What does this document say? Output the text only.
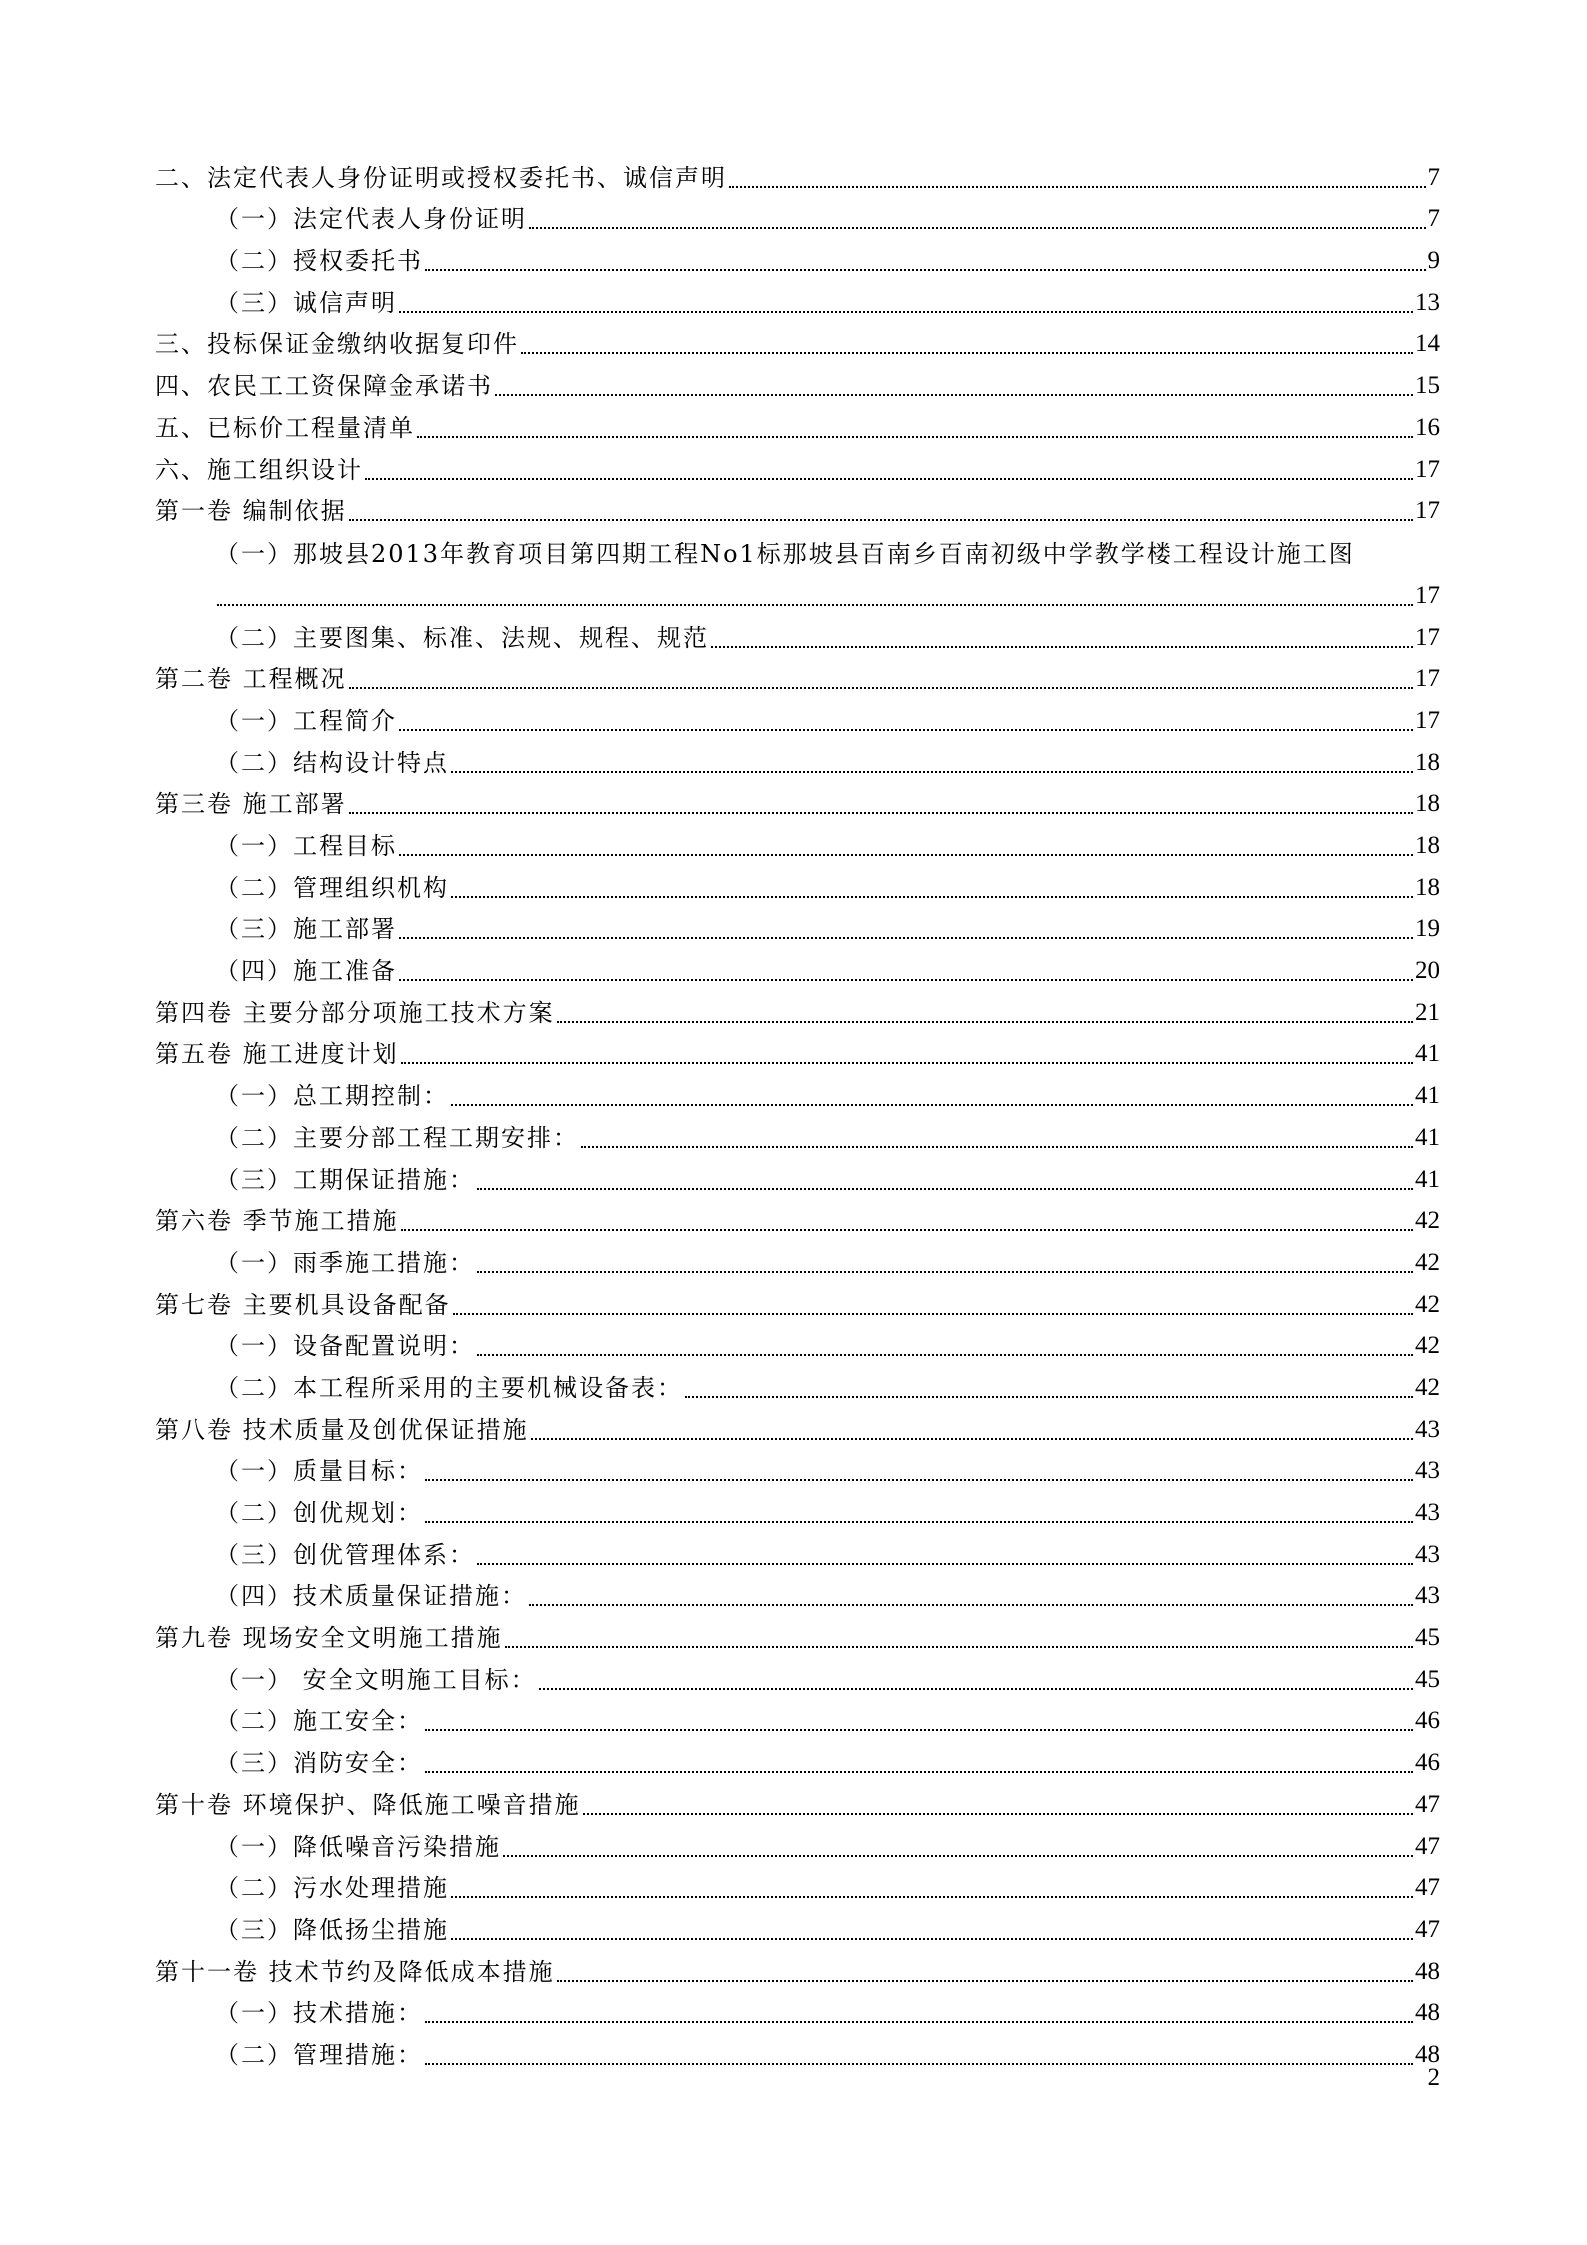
二、法定代表人身份证明或授权委托书、诚信声明	7
（一）法定代表人身份证明	7
（二）授权委托书	9
（三）诚信声明	13
三、投标保证金缴纳收据复印件	14
四、农民工工资保障金承诺书	15
五、已标价工程量清单	16
六、施工组织设计	17
第一卷 编制依据	17
（一）那坡县2013年教育项目第四期工程No1标那坡县百南乡百南初级中学教学楼工程设计施工图
17
（二）主要图集、标准、法规、规程、规范	17
第二卷 工程概况	17
（一）工程简介	17
（二）结构设计特点	18
第三卷 施工部署	18
（一）工程目标	18
（二）管理组织机构	18
（三）施工部署	19
（四）施工准备	20
第四卷 主要分部分项施工技术方案	21
第五卷 施工进度计划	41
（一）总工期控制：	41
（二）主要分部工程工期安排：	41
（三）工期保证措施：	41
第六卷 季节施工措施	42
（一）雨季施工措施：	42
第七卷 主要机具设备配备	42
（一）设备配置说明：	42
（二）本工程所采用的主要机械设备表：	42
第八卷 技术质量及创优保证措施	43
（一）质量目标：	43
（二）创优规划：	43
（三）创优管理体系：	43
（四）技术质量保证措施：	43
第九卷 现场安全文明施工措施	45
（一） 安全文明施工目标：	45
（二）施工安全：	46
（三）消防安全：	46
第十卷 环境保护、降低施工噪音措施	47
（一）降低噪音污染措施	47
（二）污水处理措施	47
（三）降低扬尘措施	47
第十一卷 技术节约及降低成本措施	48
（一）技术措施：	48
（二）管理措施：	48
2
